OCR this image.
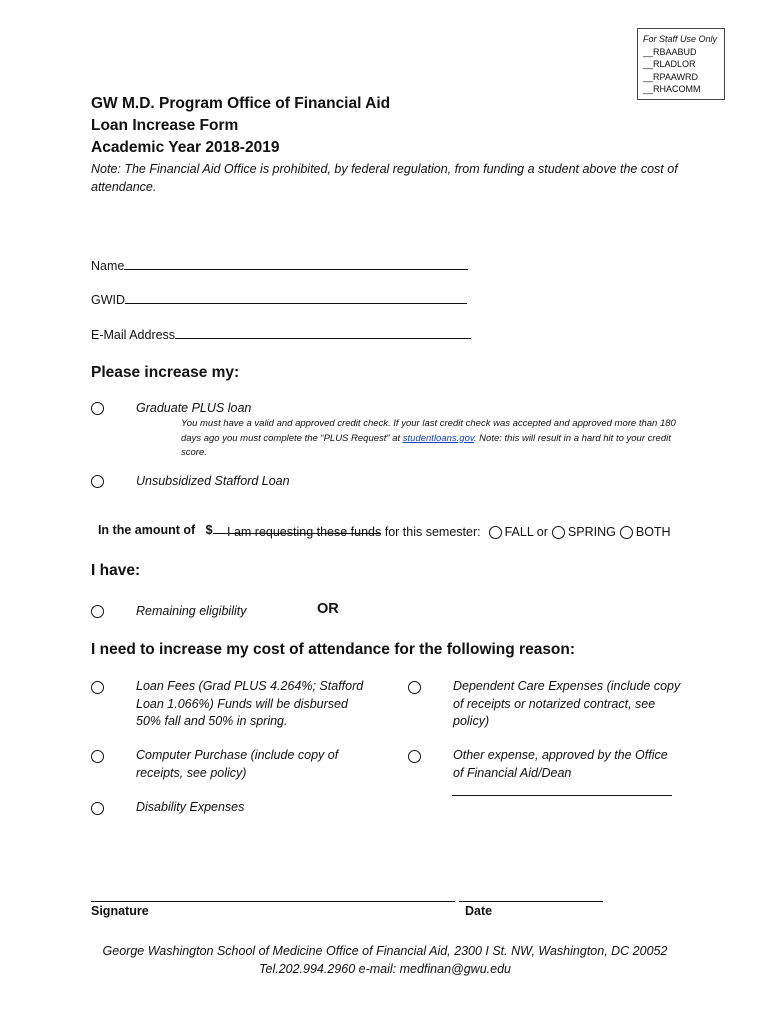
For Staff Use Only
__RBAABUD
__RLADLOR
__RPAAWRD
__RHACOMM
GW M.D. Program Office of Financial Aid
Loan Increase Form
Academic Year 2018-2019
Note: The Financial Aid Office is prohibited, by federal regulation, from funding a student above the cost of attendance.
Name
GWID
E-Mail Address
Please increase my:
Graduate PLUS loan
You must have a valid and approved credit check. If your last credit check was accepted and approved more than 180 days ago you must complete the “PLUS Request” at studentloans.gov. Note: this will result in a hard hit to your credit score.
Unsubsidized Stafford Loan

In the amount of   $	I am requesting these funds for this semester: FALL or SPRING BOTH
I have:
Remaining eligibility	OR
I need to increase my cost of attendance for the following reason:
Loan Fees (Grad PLUS 4.264%; Stafford Loan 1.066%) Funds will be disbursed 50% fall and 50% in spring.
Dependent Care Expenses (include copy of receipts or notarized contract, see policy)
Computer Purchase (include copy of receipts, see policy)
Other expense, approved by the Office of Financial Aid/Dean
Disability Expenses
Signature	Date
George Washington School of Medicine Office of Financial Aid, 2300 I St. NW, Washington, DC 20052
Tel.202.994.2960 e-mail: medfinan@gwu.edu
